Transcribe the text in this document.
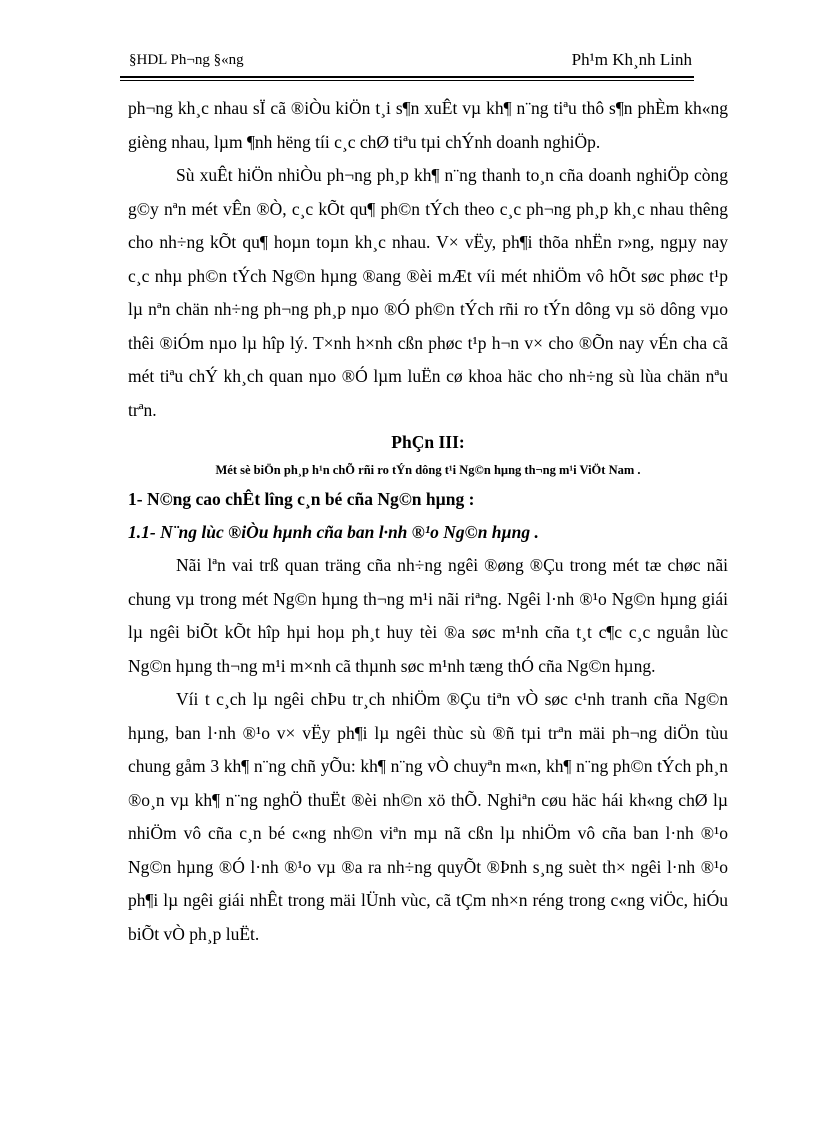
§HDL Ph¬ng §«ng	Ph¹m Kh¸nh Linh

ph¬ng kh¸c nhau sÏ cã ®iÒu kiÖn t¸i s¶n xuÊt vµ kh¶ n¨ng tiªu thô s¶n phÈm kh«ng gièng nhau, lµm ¶nh hëng tíi c¸c chØ tiªu tµi chÝnh doanh nghiÖp.

Sù xuÊt hiÖn nhiÒu ph¬ng ph¸p kh¶ n¨ng thanh to¸n cña doanh nghiÖp còng g©y nªn mét vÊn ®Ò, c¸c kÕt qu¶ ph©n tÝch theo c¸c ph¬ng ph¸p kh¸c nhau thêng cho nh÷ng kÕt qu¶ hoµn toµn kh¸c nhau. V× vËy, ph¶i thõa nhËn r»ng, ngµy nay c¸c nhµ ph©n tÝch Ng©n hµng ®ang ®èi mÆt víi mét nhiÖm vô hÕt søc phøc t¹p lµ nªn chän nh÷ng ph¬ng ph¸p nµo ®Ó ph©n tÝch rñi ro tÝn dông vµ sö dông vµo thêi ®iÓm nµo lµ hîp lý. T×nh h×nh cßn phøc t¹p h¬n v× cho ®Õn nay vÉn cha cã mét tiªu chÝ kh¸ch quan nµo ®Ó lµm luËn cø khoa häc cho nh÷ng sù lùa chän nªu trªn.

PhÇn III:

Mét sè biÖn ph¸p h¹n chÕ rñi ro tÝn dông t¹i Ng©n hµng th¬ng m¹i ViÖt Nam .

1- N©ng cao chÊt lîng c¸n bé cña Ng©n hµng :

1.1- N¨ng lùc ®iÒu hµnh cña ban l·nh ®¹o Ng©n hµng .

Nãi lªn vai trß quan träng cña nh÷ng ngêi ®øng ®Çu trong mét tæ chøc nãi chung vµ trong mét Ng©n hµng th¬ng m¹i nãi riªng. Ngêi l·nh ®¹o Ng©n hµng giái lµ ngêi biÕt kÕt hîp hµi hoµ ph¸t huy tèi ®a søc m¹nh cña t¸t c¶c c¸c nguån lùc Ng©n hµng th¬ng m¹i m×nh cã thµnh søc m¹nh tæng thÓ cña Ng©n hµng.

Víi t c¸ch lµ ngêi chÞu tr¸ch nhiÖm ®Çu tiªn vÒ søc c¹nh tranh cña Ng©n hµng, ban l·nh ®¹o v× vËy ph¶i lµ ngêi thùc sù ®ñ tµi trªn mäi ph¬ng diÖn tùu chung gåm 3 kh¶ n¨ng chñ yÕu: kh¶ n¨ng vÒ chuyªn m«n, kh¶ n¨ng ph©n tÝch ph¸n ®o¸n vµ kh¶ n¨ng nghÖ thuËt ®èi nh©n xö thÕ. Nghiªn cøu häc hái kh«ng chØ lµ nhiÖm vô cña c¸n bé c«ng nh©n viªn mµ nã cßn lµ nhiÖm vô cña ban l·nh ®¹o Ng©n hµng ®Ó l·nh ®¹o vµ ®a ra nh÷ng quyÕt ®Þnh s¸ng suèt th× ngêi l·nh ®¹o ph¶i lµ ngêi giái nhÊt trong mäi lÜnh vùc, cã tÇm nh×n réng trong c«ng viÖc, hiÓu biÕt vÒ ph¸p luËt.
